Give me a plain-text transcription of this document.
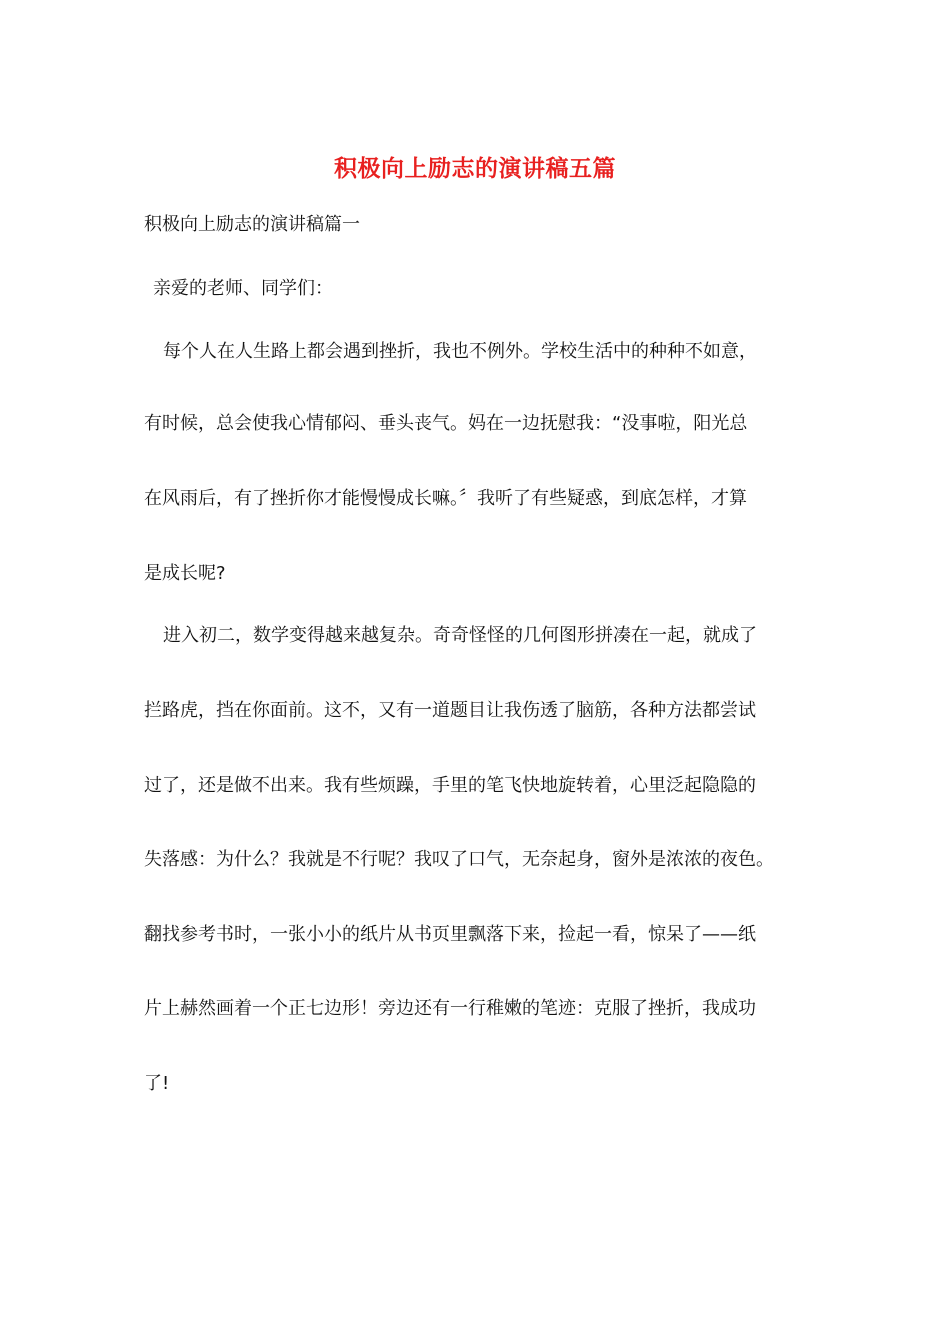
积极向上励志的演讲稿五篇
积极向上励志的演讲稿篇一
亲爱的老师、同学们：
每个人在人生路上都会遇到挫折，我也不例外。学校生活中的种种不如意，
有时候，总会使我心情郁闷、垂头丧气。妈在一边抚慰我：“没事啦，阳光总
在风雨后，有了挫折你才能慢慢成长嘛。〞我听了有些疑惑，到底怎样，才算
是成长呢?
进入初二，数学变得越来越复杂。奇奇怪怪的几何图形拼凑在一起，就成了
拦路虎，挡在你面前。这不，又有一道题目让我伤透了脑筋，各种方法都尝试
过了，还是做不出来。我有些烦躁，手里的笔飞快地旋转着，心里泛起隐隐的
失落感：为什么？我就是不行呢？我叹了口气，无奈起身，窗外是浓浓的夜色。
翻找参考书时，一张小小的纸片从书页里飘落下来，捡起一看，惊呆了——纸
片上赫然画着一个正七边形！旁边还有一行稚嫩的笔迹：克服了挫折，我成功
了!
